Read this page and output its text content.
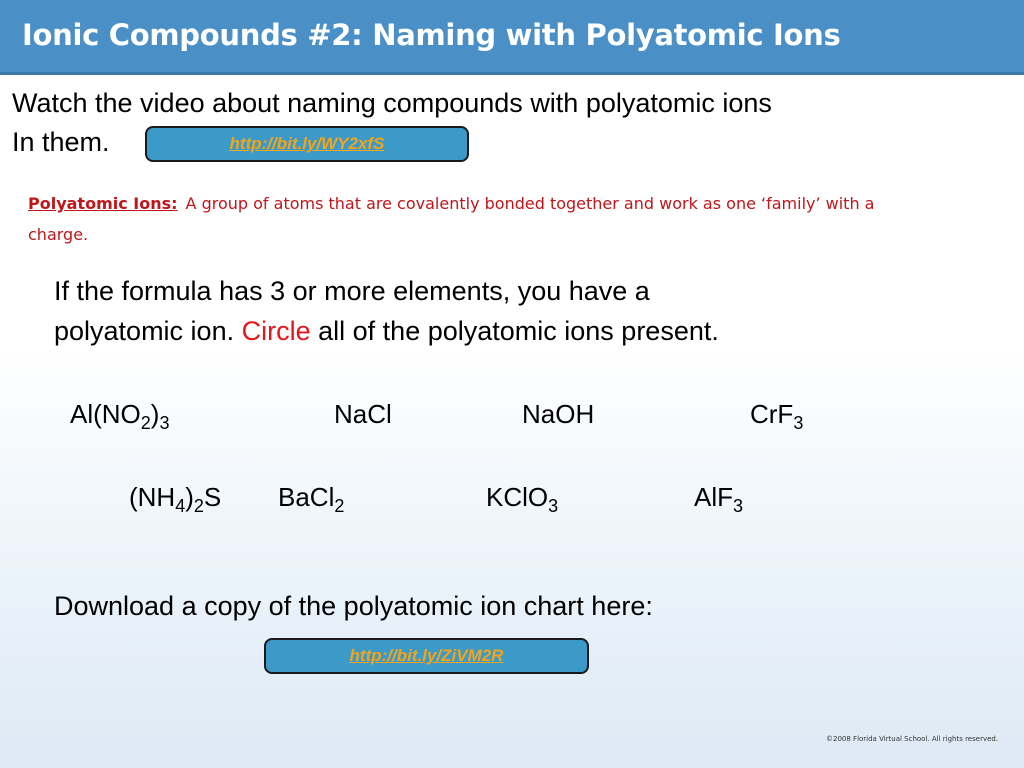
Ionic Compounds #2: Naming with Polyatomic Ions
Watch the video about naming compounds with polyatomic ions
In them.	http://bit.ly/WY2xfS
Polyatomic Ions: A group of atoms that are covalently bonded together and work as one ‘family’ with a charge.
If the formula has 3 or more elements, you have a
polyatomic ion. Circle all of the polyatomic ions present.
$Al(NO_2)_3$	NaCl	NaOH	CrF$_3$
$(NH_4)_2S$ BaCl$_2$	KClO$_3$	AlF$_3$
Download a copy of the polyatomic ion chart here:
http://bit.ly/ZiVM2R
©2008 Florida Virtual School. All rights reserved.
